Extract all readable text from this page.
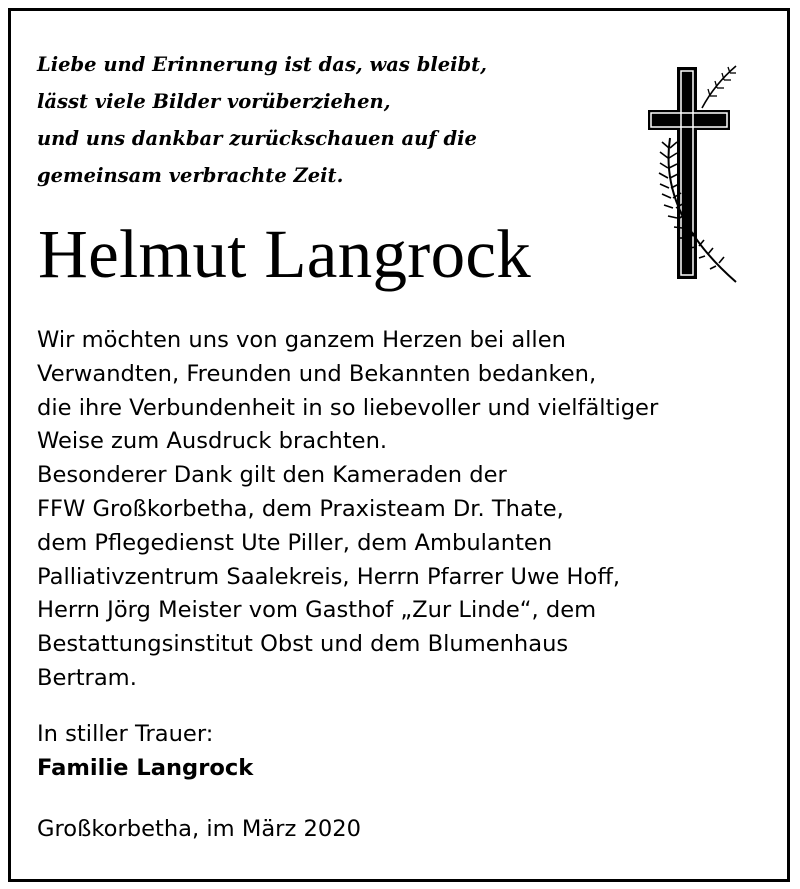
Liebe und Erinnerung ist das, was bleibt,
lässt viele Bilder vorüberziehen,
und uns dankbar zurückschauen auf die
gemeinsam verbrachte Zeit.
Helmut Langrock
Wir möchten uns von ganzem Herzen bei allen
Verwandten, Freunden und Bekannten bedanken,
die ihre Verbundenheit in so liebevoller und vielfältiger
Weise zum Ausdruck brachten.
Besonderer Dank gilt den Kameraden der
FFW Großkorbetha, dem Praxisteam Dr. Thate,
dem Pflegedienst Ute Piller, dem Ambulanten
Palliativzentrum Saalekreis, Herrn Pfarrer Uwe Hoff,
Herrn Jörg Meister vom Gasthof „Zur Linde“, dem
Bestattungsinstitut Obst und dem Blumenhaus
Bertram.
In stiller Trauer:
Familie Langrock
Großkorbetha, im März 2020
